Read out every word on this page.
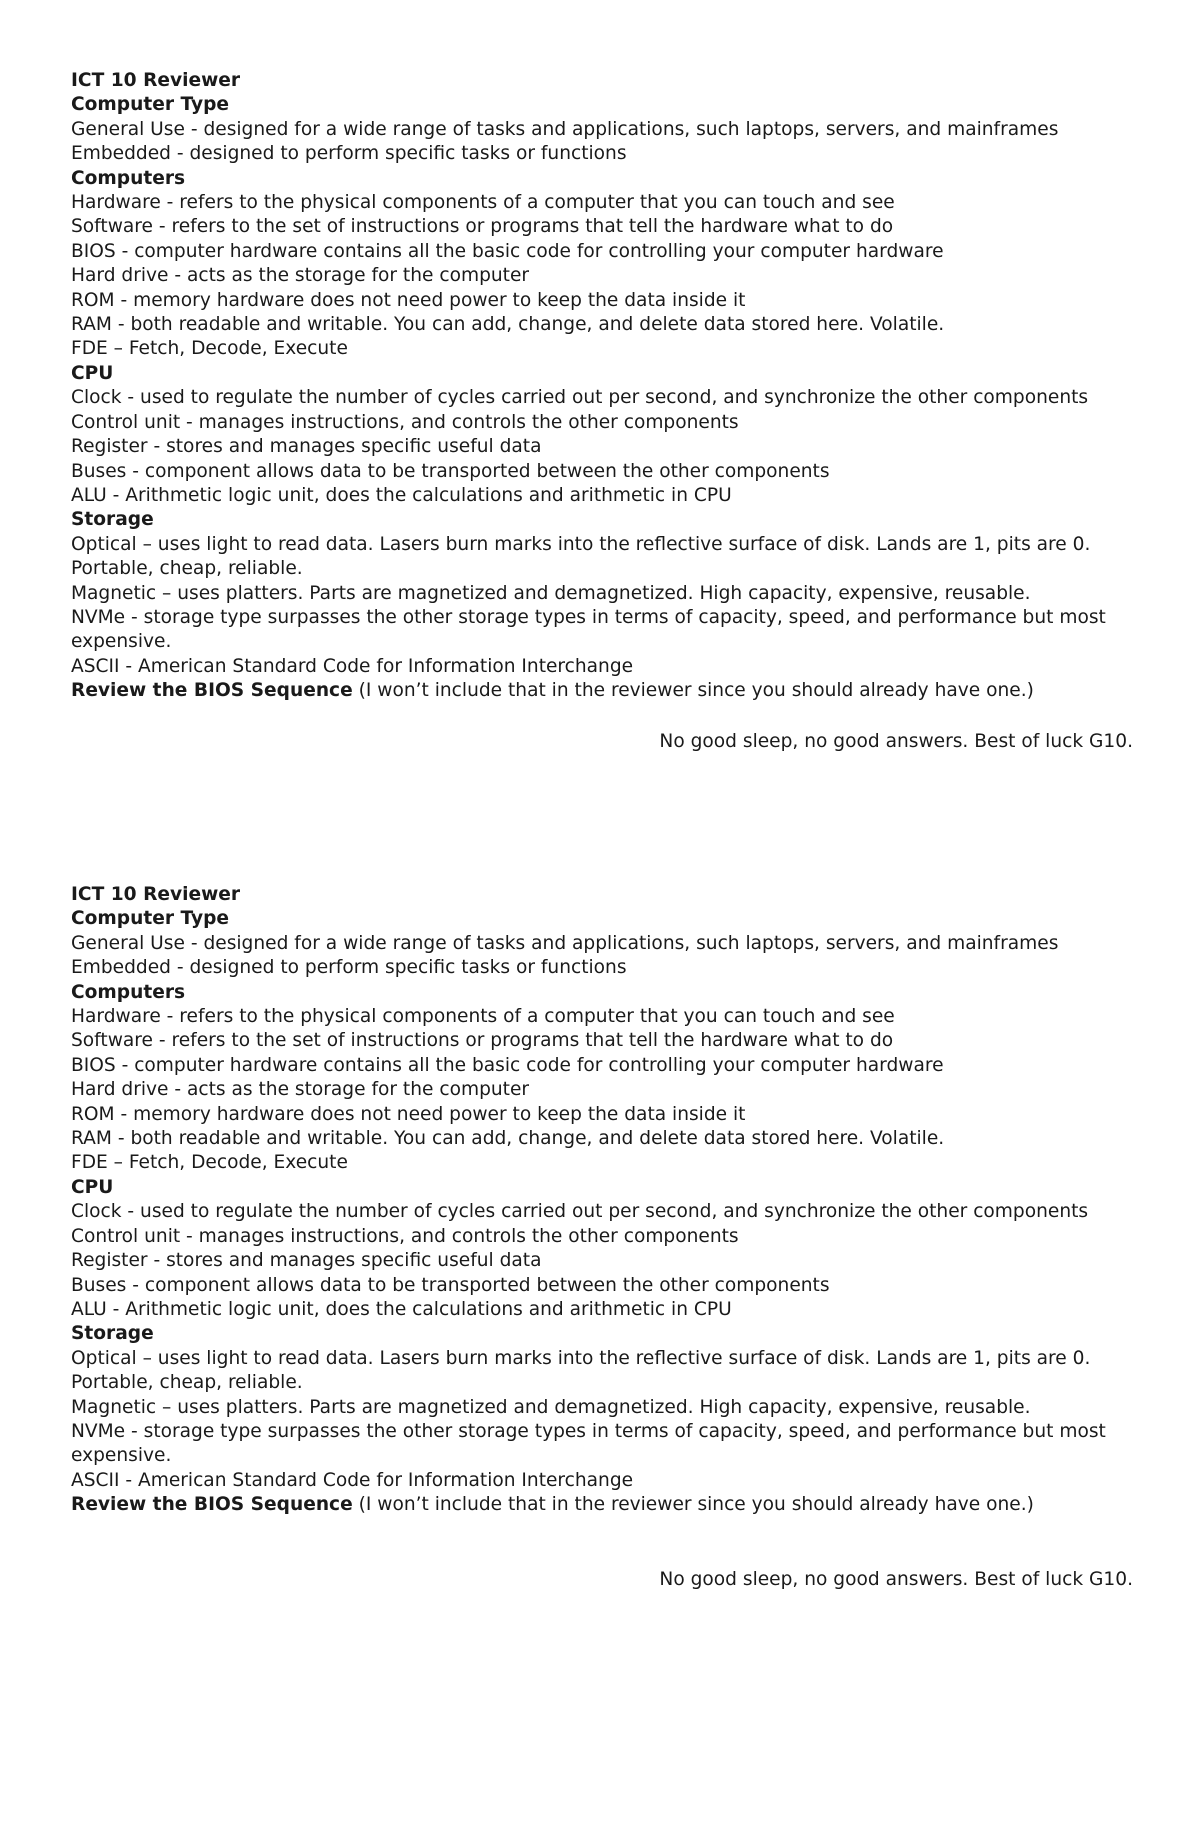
ICT 10 Reviewer
Computer Type
General Use - designed for a wide range of tasks and applications, such laptops, servers, and mainframes
Embedded - designed to perform specific tasks or functions
Computers
Hardware - refers to the physical components of a computer that you can touch and see
Software - refers to the set of instructions or programs that tell the hardware what to do
BIOS - computer hardware contains all the basic code for controlling your computer hardware
Hard drive - acts as the storage for the computer
ROM - memory hardware does not need power to keep the data inside it
RAM - both readable and writable. You can add, change, and delete data stored here. Volatile.
FDE – Fetch, Decode, Execute
CPU
Clock - used to regulate the number of cycles carried out per second, and synchronize the other components
Control unit - manages instructions, and controls the other components
Register - stores and manages specific useful data
Buses - component allows data to be transported between the other components
ALU - Arithmetic logic unit, does the calculations and arithmetic in CPU
Storage
Optical – uses light to read data. Lasers burn marks into the reflective surface of disk. Lands are 1, pits are 0. Portable, cheap, reliable.
Magnetic – uses platters. Parts are magnetized and demagnetized. High capacity, expensive, reusable.
NVMe - storage type surpasses the other storage types in terms of capacity, speed, and performance but most expensive.
ASCII - American Standard Code for Information Interchange
Review the BIOS Sequence (I won’t include that in the reviewer since you should already have one.)
No good sleep, no good answers. Best of luck G10.
ICT 10 Reviewer
Computer Type
General Use - designed for a wide range of tasks and applications, such laptops, servers, and mainframes
Embedded - designed to perform specific tasks or functions
Computers
Hardware - refers to the physical components of a computer that you can touch and see
Software - refers to the set of instructions or programs that tell the hardware what to do
BIOS - computer hardware contains all the basic code for controlling your computer hardware
Hard drive - acts as the storage for the computer
ROM - memory hardware does not need power to keep the data inside it
RAM - both readable and writable. You can add, change, and delete data stored here. Volatile.
FDE – Fetch, Decode, Execute
CPU
Clock - used to regulate the number of cycles carried out per second, and synchronize the other components
Control unit - manages instructions, and controls the other components
Register - stores and manages specific useful data
Buses - component allows data to be transported between the other components
ALU - Arithmetic logic unit, does the calculations and arithmetic in CPU
Storage
Optical – uses light to read data. Lasers burn marks into the reflective surface of disk. Lands are 1, pits are 0. Portable, cheap, reliable.
Magnetic – uses platters. Parts are magnetized and demagnetized. High capacity, expensive, reusable.
NVMe - storage type surpasses the other storage types in terms of capacity, speed, and performance but most expensive.
ASCII - American Standard Code for Information Interchange
Review the BIOS Sequence (I won’t include that in the reviewer since you should already have one.)
No good sleep, no good answers. Best of luck G10.
